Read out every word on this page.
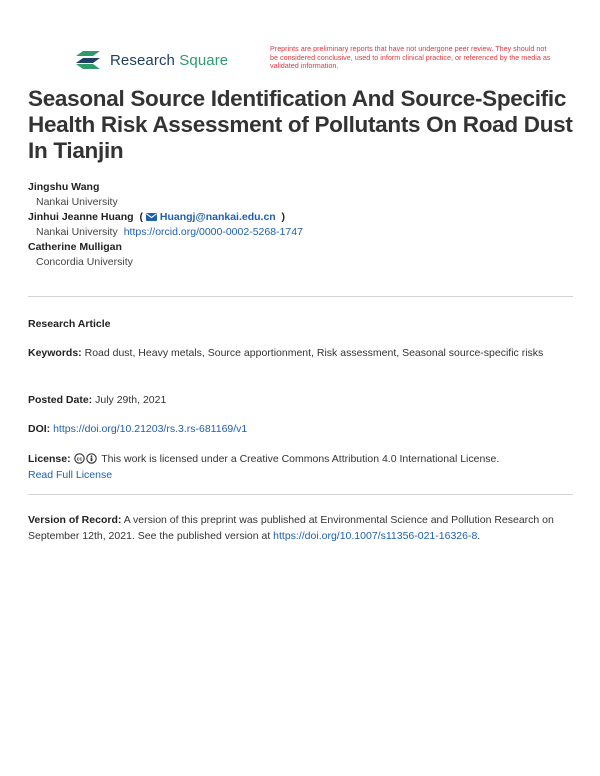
Research Square
Preprints are preliminary reports that have not undergone peer review. They should not be considered conclusive, used to inform clinical practice, or referenced by the media as validated information.
Seasonal Source Identification And Source-Specific Health Risk Assessment of Pollutants On Road Dust In Tianjin
Jingshu Wang
Nankai University
Jinhui Jeanne Huang  ( Huangj@nankai.edu.cn  )
Nankai University https://orcid.org/0000-0002-5268-1747
Catherine Mulligan
Concordia University
Research Article
Keywords: Road dust, Heavy metals, Source apportionment, Risk assessment, Seasonal source-specific risks
Posted Date: July 29th, 2021
DOI: https://doi.org/10.21203/rs.3.rs-681169/v1
License: cc This work is licensed under a Creative Commons Attribution 4.0 International License.
Read Full License
Version of Record: A version of this preprint was published at Environmental Science and Pollution Research on September 12th, 2021. See the published version at https://doi.org/10.1007/s11356-021-16326-8.
